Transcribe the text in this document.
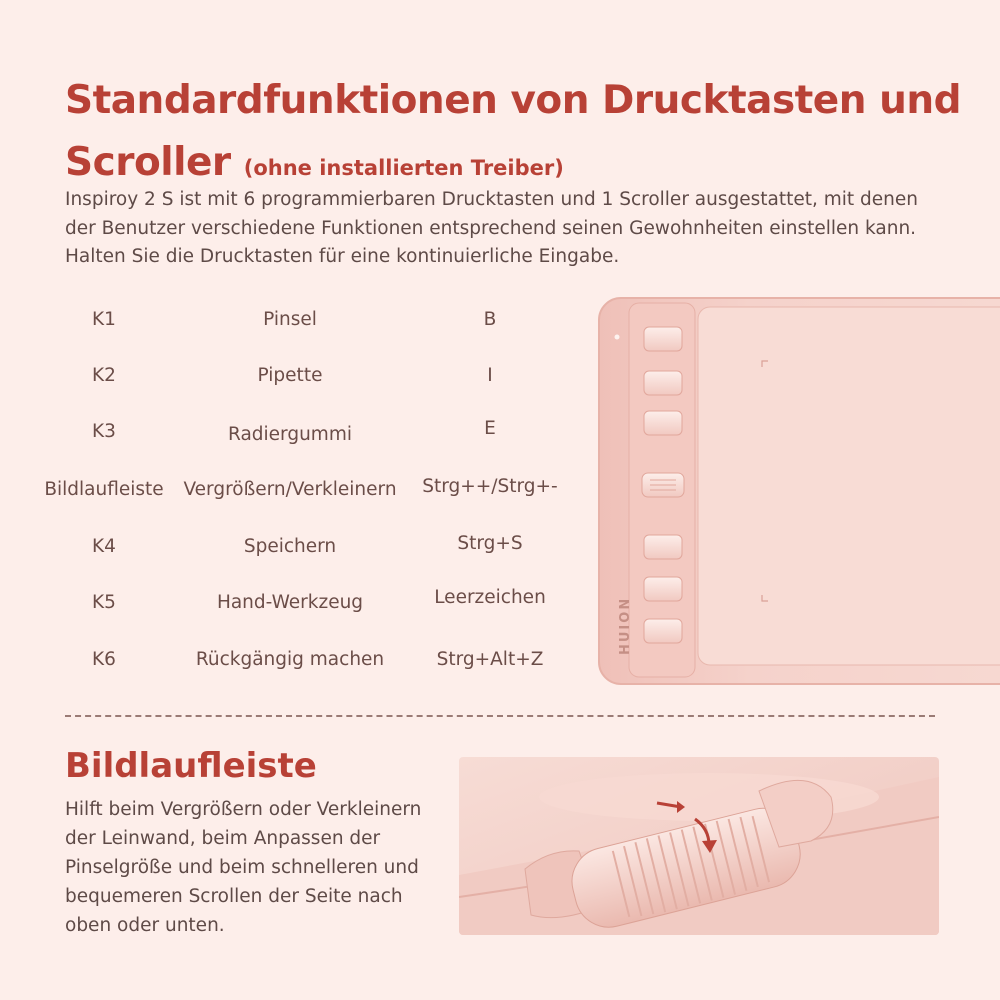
Standardfunktionen von Drucktasten und Scroller (ohne installierten Treiber)

Inspiroy 2 S ist mit 6 programmierbaren Drucktasten und 1 Scroller ausgestattet, mit denen der Benutzer verschiedene Funktionen entsprechend seinen Gewohnheiten einstellen kann. Halten Sie die Drucktasten für eine kontinuierliche Eingabe.

K1	Pinsel	B
K2	Pipette	I
K3	Radiergummi	E
Bildlaufleiste	Vergrößern/Verkleinern	Strg++/Strg+-
K4	Speichern	Strg+S
K5	Hand-Werkzeug	Leerzeichen
K6	Rückgängig machen	Strg+Alt+Z
HUION
Bildlaufleiste

Hilft beim Vergrößern oder Verkleinern der Leinwand, beim Anpassen der Pinselgröße und beim schnelleren und bequemeren Scrollen der Seite nach oben oder unten.
